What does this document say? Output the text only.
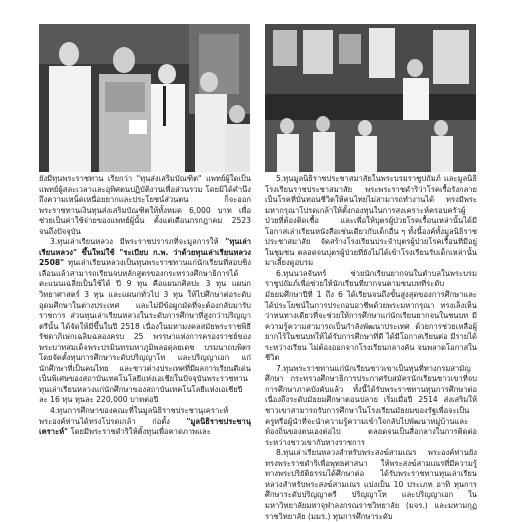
ยังมีทุนพระราชทาน เรียกว่า "ทุนส่งเสริมบัณฑิต" แพทย์ผู้ใดเป็นแพทย์ผู้สละเวลาและอุทิศตนปฏิบัติงานเพื่อส่วนรวม โดยมิได้คำนึงถึงความเหน็ดเหนื่อยยากและประโยชน์ส่วนตน ก็จะออกพระราชทานเงินทุนส่งเสริมบัณฑิตให้ทั้งหมด 6,000 บาท เพื่อช่วยเป็นค่าใช้จ่ายของแพทย์ผู้นั้น ตั้งแต่เดือนกรกฎาคม 2523 จนถึงปัจจุบัน

3.ทุนเล่าเรียนหลวง มีพระราชปรารภที่จะมูลการให้ "ทุนเล่าเรียนหลวง" ขึ้นใหม่ใช้ "ระเบียบ ก.พ. ว่าด้วยทุนเล่าเรียนหลวง 2508" ทุนเล่าเรียนหลวงเป็นทุนพระราชทานแก่นักเรียนที่สอบชิงเลือนแล้วสามารถเรียนจบหลักสูตรของกระทรวงศึกษาธิการได้คะแนนเฉลี่ยเป็นใช้ได้ ปี 9 ทุน คือแผนกศิลปะ 3 ทุน แผนกวิทยาศาสตร์ 3 ทุน และแผนกทั่วไป 3 ทุน ให้ไปศึกษาต่อระดับอุดมศึกษาในต่างประเทศ และไม่มีข้อผูกมัดที่จะต้องกลับมารับราชการ ส่วนทุนเล่าเรียนหลวงในระดับการศึกษาที่สูงกว่าปริญญาตรีนั้น ได้จัดให้มีขึ้นในปี 2518 เนื่องในมหามงคลสมัยพระราชพิธีรัชดาภิเษกเฉลิมฉลองครบ 25 พรรษาแห่งการครองราชย์ของพระบาทสมเด็จพระปรมินทรมหาภูมิพลอดุลยเดช บรมนาถบพิตร โดยจัดตั้งทุนการศึกษาระดับปริญญาโท และปริญญาเอก แก่นักศึกษาที่เป็นคนไทย และชาวต่างประเทศที่มีผลการเรียนดีเด่นเป็นพิเศษของสถาบันเทคโนโลยีแห่งเอเชียในปัจจุบันพระราชทานทุนเล่าเรียนหลวงแก่นักศึกษาของสถาบันเทคโนโลยีแห่งเอเชียปีละ 16 ทุน ทุนละ 220,000 บาทต่อปี

4.ทุนการศึกษาของคณะที่ในมูลนิธิราชประชานุเคราะห์ พระองค์ท่านได้ทรงโปรดเกล้า ก่อตั้ง "มูลนิธิราชประชานุเคราะห์" โดยมีพระราชดำริให้ตั้งทุนเพื่อคาดภาพและ

5.ทุนมูลนิธิราชประชาสมาสัยในพระบรมราชูปถัมภ์ และมูลนิธิโรงเรียนราชประชาสมาสัย พระพระราชดำริว่าโรคเรื้อรังกลายเป็นโรคที่บั่นทอนชีวิตให้คนไทยไม่สามารถทำงานได้ ทรงมีพระมหากรุณาโปรดเกล้าให้ตั้งกองทุนในการสงเคราะห์ครอบครัวผู้ป่วยที่ต้องติดเชื้อ และเพื่อให้บุตรผู้ป่วยโรคเรื้อนเหล่านั้นได้มีโอกาสเล่าเรียนหนังสือเช่นเดียวกับเด็กอื่น ๆ ทั้งนี้องค์ทั้งมูลนิธิราชประชาสมาสัย จัดสร้างโรงเรียนประจำบุตรผู้ป่วยโรคเรื้อนที่มีอยู่ในชุมชน ตลอดจนบุตรผู้ป่วยที่ยังไม่ได้เข้าโรงเรียนรับเด็กเหล่านั้นมาเลี้ยงดูอบรม

6.ทุนนวลจันทร์ ช่วยนักเรียนยากจนในตำบลในพระบรมราชูปถัมภ์เพื่อช่วยให้นักเรียนที่ยากจนตามชนบทที่ระดับมัธยมศึกษาปีที่ 1 ถึง 6 ได้เรียนจนถึงขั้นสูงสุดของการศึกษาและได้ประโยชน์ในการประกอบอาชีพด้วยพระมหากรุณา ทรงเล็งเห็นว่าหนทางเดียวที่จะช่วยให้การศึกษาแก่นักเรียนยากจนในชนบท มีความรู้ความสามารถเป็นกำลังพัฒนาประเทศ ด้วยการช่วยเหลือผู้ยากไร้ในชนบทให้ได้รับการศึกษาที่ดี ได้มีโอกาสเรียนต่อ มีรายได้ระหว่างเรียน ไม่ต้องออกจากโรงเรียนกลางคัน จนพลาดโอกาสในชีวิต

7.ทุนพระราชทานแก่นักเรียนชาวเขาเป็นทุนที่ทางกรมสามัญศึกษา กระทรวงศึกษาธิการประกาศรับสมัครนักเรียนชาวเขาที่จบการศึกษาภาคบังคับแล้ว ทั้งนี้ได้รับพระราชทานทุนการศึกษาต่อเนื่องถึงระดับมัธยมศึกษาตอนปลาย เริ่มเมื่อปี 2514 ส่งเสริมให้ชาวเขาสามารถรับการศึกษาในโรงเรียนมัธยมของรัฐเพื่อจะเป็นครูหรือผู้นำที่จะนำความรู้ความเข้าใจกลับไปพัฒนาหมู่บ้านและท้องถิ่นของตนเองต่อไป ตลอดจนเป็นสื่อกลางในการติดต่อระหว่างชาวเขากับทางราชการ

8.ทุนเล่าเรียนหลวงสำหรับพระสงฆ์สามเณร พระองค์ท่านยังทรงพระราชดำริเพื่อพุทธศาสนา ให้พระสงฆ์สามเณรที่มีความรู้ทางพระปริยัติธรรมได้ศึกษาต่อ ได้รับพระราชทานทุนเล่าเรียนหลวงสำหรับพระสงฆ์สามเณร แบ่งเป็น 10 ประเภท อาทิ ทุนการศึกษาระดับปริญญาตรี ปริญญาโท และปริญญาเอก ในมหาวิทยาลัยมหาจุฬาลงกรณราชวิทยาลัย (มจร.) และมหามกุฏราชวิทยาลัย (มมร.) ทุนการศึกษาระดับ
